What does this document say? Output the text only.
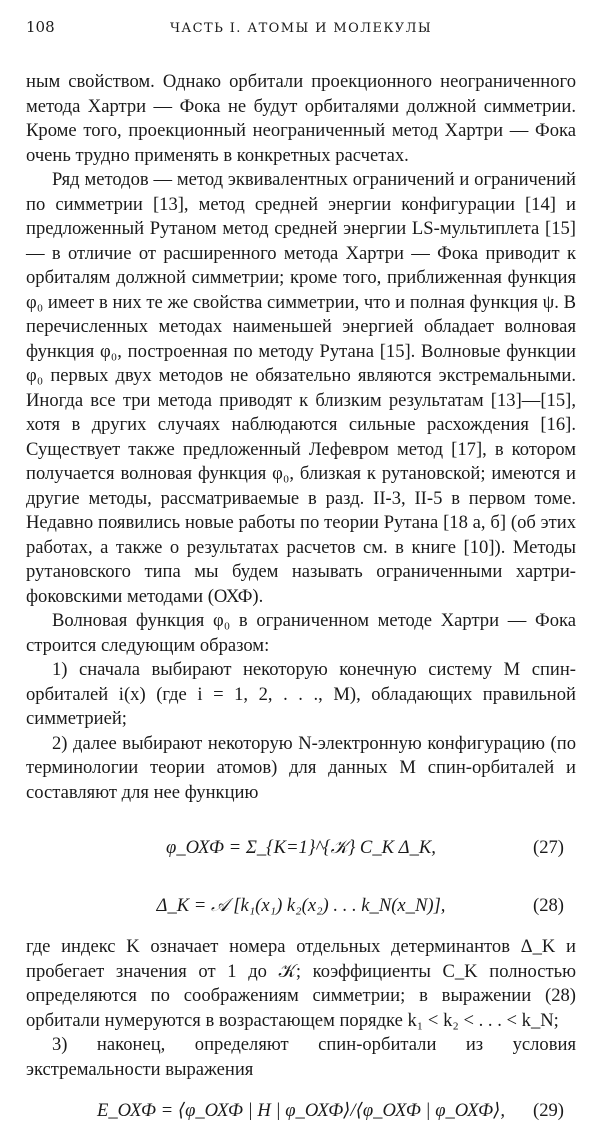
108	ЧАСТЬ I. АТОМЫ И МОЛЕКУЛЫ

ным свойством. Однако орбитали проекционного неограниченного метода Хартри — Фока не будут орбиталями должной симметрии. Кроме того, проекционный неограниченный метод Хартри — Фока очень трудно применять в конкретных расчетах.

Ряд методов — метод эквивалентных ограничений и ограничений по симметрии [13], метод средней энергии конфигурации [14] и предложенный Рутаном метод средней энергии LS-мультиплета [15] — в отличие от расширенного метода Хартри — Фока приводит к орбиталям должной симметрии; кроме того, приближенная функция φ₀ имеет в них те же свойства симметрии, что и полная функция ψ. В перечисленных методах наименьшей энергией обладает волновая функция φ₀, построенная по методу Рутана [15]. Волновые функции φ₀ первых двух методов не обязательно являются экстремальными. Иногда все три метода приводят к близким результатам [13]—[15], хотя в других случаях наблюдаются сильные расхождения [16]. Существует также предложенный Лефевром метод [17], в котором получается волновая функция φ₀, близкая к рутановской; имеются и другие методы, рассматриваемые в разд. II-3, II-5 в первом томе. Недавно появились новые работы по теории Рутана [18 а, б] (об этих работах, а также о результатах расчетов см. в книге [10]). Методы рутановского типа мы будем называть ограниченными хартри-фоковскими методами (ОХФ).

Волновая функция φ₀ в ограниченном методе Хартри — Фока строится следующим образом:

1) сначала выбирают некоторую конечную систему M спин-орбиталей i(x) (где i = 1, 2, . . ., M), обладающих правильной симметрией;

2) далее выбирают некоторую N-электронную конфигурацию (по терминологии теории атомов) для данных M спин-орбиталей и составляют для нее функцию

φ_ОХФ = Σ_{K=1}^{𝒦} C_K Δ_K,	(27)
Δ_K = 𝒜 [k₁(x₁) k₂(x₂) . . . k_N(x_N)],	(28)

где индекс K означает номера отдельных детерминантов Δ_K и пробегает значения от 1 до 𝒦; коэффициенты C_K полностью определяются по соображениям симметрии; в выражении (28) орбитали нумеруются в возрастающем порядке k₁ < k₂ < . . . < k_N;

3) наконец, определяют спин-орбитали из условия экстремальности выражения

E_ОХФ = ⟨φ_ОХФ | H | φ_ОХФ⟩/⟨φ_ОХФ | φ_ОХФ⟩,	(29)
